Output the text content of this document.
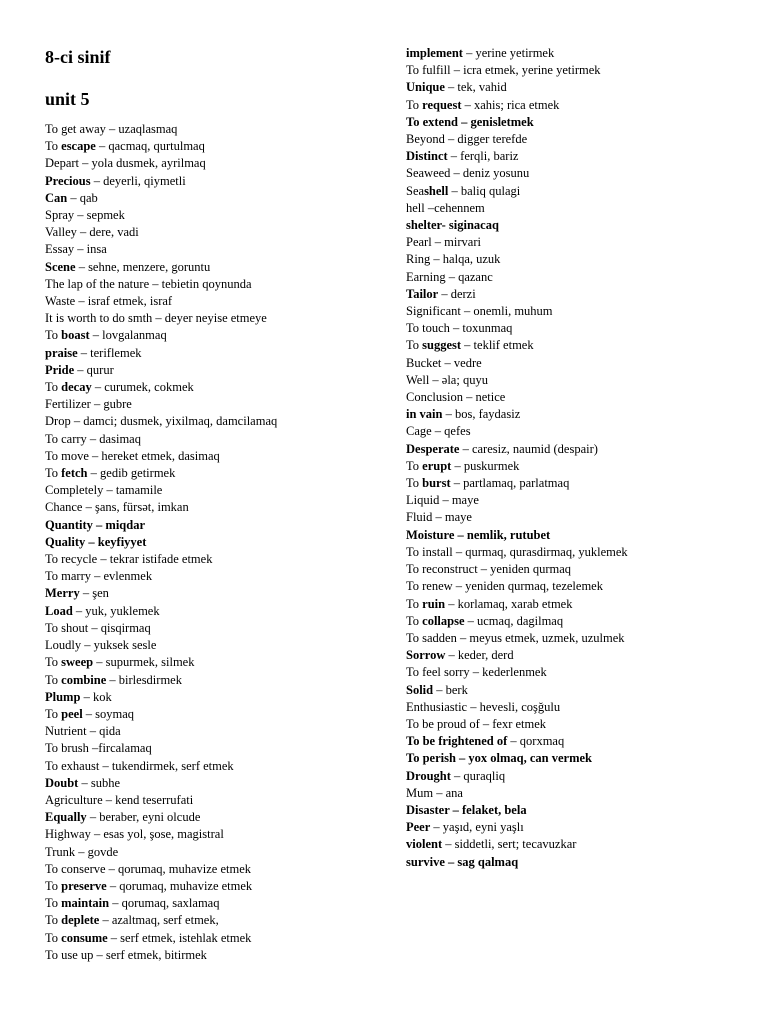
8-ci sinif
unit 5
To get away – uzaqlasmaq
To escape – qacmaq, qurtulmaq
Depart – yola dusmek, ayrilmaq
Precious – deyerli, qiymetli
Can – qab
Spray – sepmek
Valley – dere, vadi
Essay – insa
Scene – sehne, menzere, goruntu
The lap of the nature – tebietin qoynunda
Waste – israf etmek, israf
It is worth to do smth – deyer neyise etmeye
To boast – lovgalanmaq
praise – teriflemek
Pride – qurur
To decay – curumek, cokmek
Fertilizer – gubre
Drop – damci; dusmek, yixilmaq, damcilamaq
To carry – dasimaq
To move – hereket etmek, dasimaq
To fetch – gedib getirmek
Completely – tamamile
Chance – şans, fürsət, imkan
Quantity – miqdar
Quality – keyfiyyet
To recycle – tekrar istifade etmek
To marry – evlenmek
Merry – şen
Load – yuk, yuklemek
To shout – qisqirmaq
Loudly – yuksek sesle
To sweep – supurmek, silmek
To combine – birlesdirmek
Plump – kok
To peel – soymaq
Nutrient – qida
To brush –fircalamaq
To exhaust – tukendirmek, serf etmek
Doubt – subhe
Agriculture – kend teserrufati
Equally – beraber, eyni olcude
Highway – esas yol, şose, magistral
Trunk – govde
To conserve – qorumaq, muhavize etmek
To preserve – qorumaq, muhavize etmek
To maintain – qorumaq, saxlamaq
To deplete – azaltmaq, serf etmek,
To consume – serf etmek, istehlak etmek
To use up – serf etmek, bitirmek
implement – yerine yetirmek
To fulfill – icra etmek, yerine yetirmek
Unique – tek, vahid
To request – xahis; rica etmek
To extend – genisletmek
Beyond – digger terefde
Distinct – ferqli, bariz
Seaweed – deniz yosunu
Seashell – baliq qulagi
hell –cehennem
shelter- siginacaq
Pearl – mirvari
Ring – halqa, uzuk
Earning – qazanc
Tailor – derzi
Significant – onemli, muhum
To touch – toxunmaq
To suggest – teklif etmek
Bucket – vedre
Well – əla; quyu
Conclusion – netice
in vain – bos, faydasiz
Cage – qefes
Desperate – caresiz, naumid (despair)
To erupt – puskurmek
To burst – partlamaq, parlatmaq
Liquid – maye
Fluid – maye
Moisture – nemlik, rutubet
To install – qurmaq, qurasdirmaq, yuklemek
To reconstruct – yeniden qurmaq
To renew – yeniden qurmaq, tezelemek
To ruin – korlamaq, xarab etmek
To collapse – ucmaq, dagilmaq
To sadden – meyus etmek, uzmek, uzulmek
Sorrow – keder, derd
To feel sorry – kederlenmek
Solid – berk
Enthusiastic – hevesli, coşğulu
To be proud of – fexr etmek
To be frightened of – qorxmaq
To perish – yox olmaq, can vermek
Drought – quraqliq
Mum – ana
Disaster – felaket, bela
Peer – yaşıd, eyni yaşlı
violent – siddetli, sert; tecavuzkar
survive – sag qalmaq
